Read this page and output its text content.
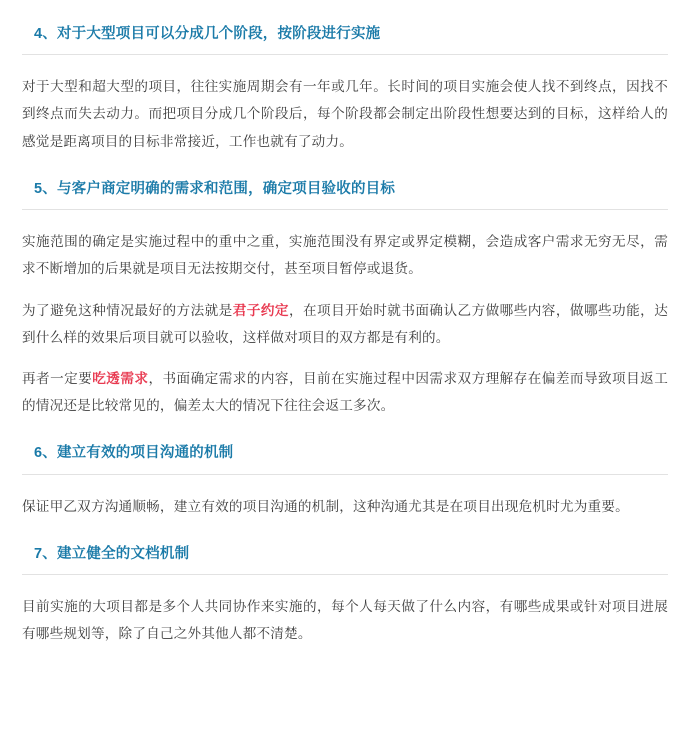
4、对于大型项目可以分成几个阶段，按阶段进行实施

对于大型和超大型的项目，往往实施周期会有一年或几年。长时间的项目实施会使人找不到终点，因找不到终点而失去动力。而把项目分成几个阶段后，每个阶段都会制定出阶段性想要达到的目标，这样给人的感觉是距离项目的目标非常接近，工作也就有了动力。

5、与客户商定明确的需求和范围，确定项目验收的目标

实施范围的确定是实施过程中的重中之重，实施范围没有界定或界定模糊，会造成客户需求无穷无尽，需求不断增加的后果就是项目无法按期交付，甚至项目暂停或退货。

为了避免这种情况最好的方法就是君子约定，在项目开始时就书面确认乙方做哪些内容，做哪些功能，达到什么样的效果后项目就可以验收，这样做对项目的双方都是有利的。

再者一定要吃透需求，书面确定需求的内容，目前在实施过程中因需求双方理解存在偏差而导致项目返工的情况还是比较常见的，偏差太大的情况下往往会返工多次。

6、建立有效的项目沟通的机制

保证甲乙双方沟通顺畅，建立有效的项目沟通的机制，这种沟通尤其是在项目出现危机时尤为重要。

7、建立健全的文档机制

目前实施的大项目都是多个人共同协作来实施的，每个人每天做了什么内容，有哪些成果或针对项目进展有哪些规划等，除了自己之外其他人都不清楚。
